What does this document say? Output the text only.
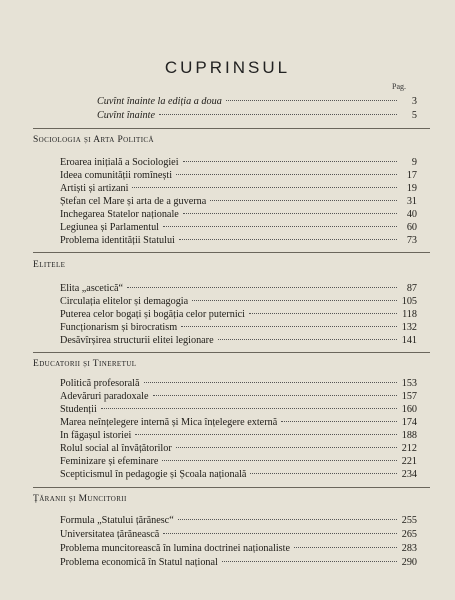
CUPRINSUL
Pag.
Cuvînt înainte la ediția a doua	3
Cuvînt înainte	5
Sociologia și Arta Politică
Eroarea inițială a Sociologiei	9
Ideea comunității romînești	17
Artiști și artizani	19
Ștefan cel Mare și arta de a guverna	31
Inchegarea Statelor naționale	40
Legiunea și Parlamentul	60
Problema identității Statului	73
Elitele
Elita „ascetică“	87
Circulația elitelor și demagogia	105
Puterea celor bogați și bogăția celor puternici	118
Funcționarism și birocratism	132
Desăvîrșirea structurii elitei legionare	141
Educatorii și Tineretul
Politică profesorală	153
Adevăruri paradoxale	157
Studenții	160
Marea neînțelegere internă și Mica înțelegere externă	174
In făgașul istoriei	188
Rolul social al învățătorilor	212
Feminizare și efeminare	221
Scepticismul în pedagogie și Școala națională	234
Țăranii și Muncitorii
Formula „Statului țărănesc“	255
Universitatea țărănească	265
Problema muncitorească în lumina doctrinei naționaliste	283
Problema economică în Statul național	290
